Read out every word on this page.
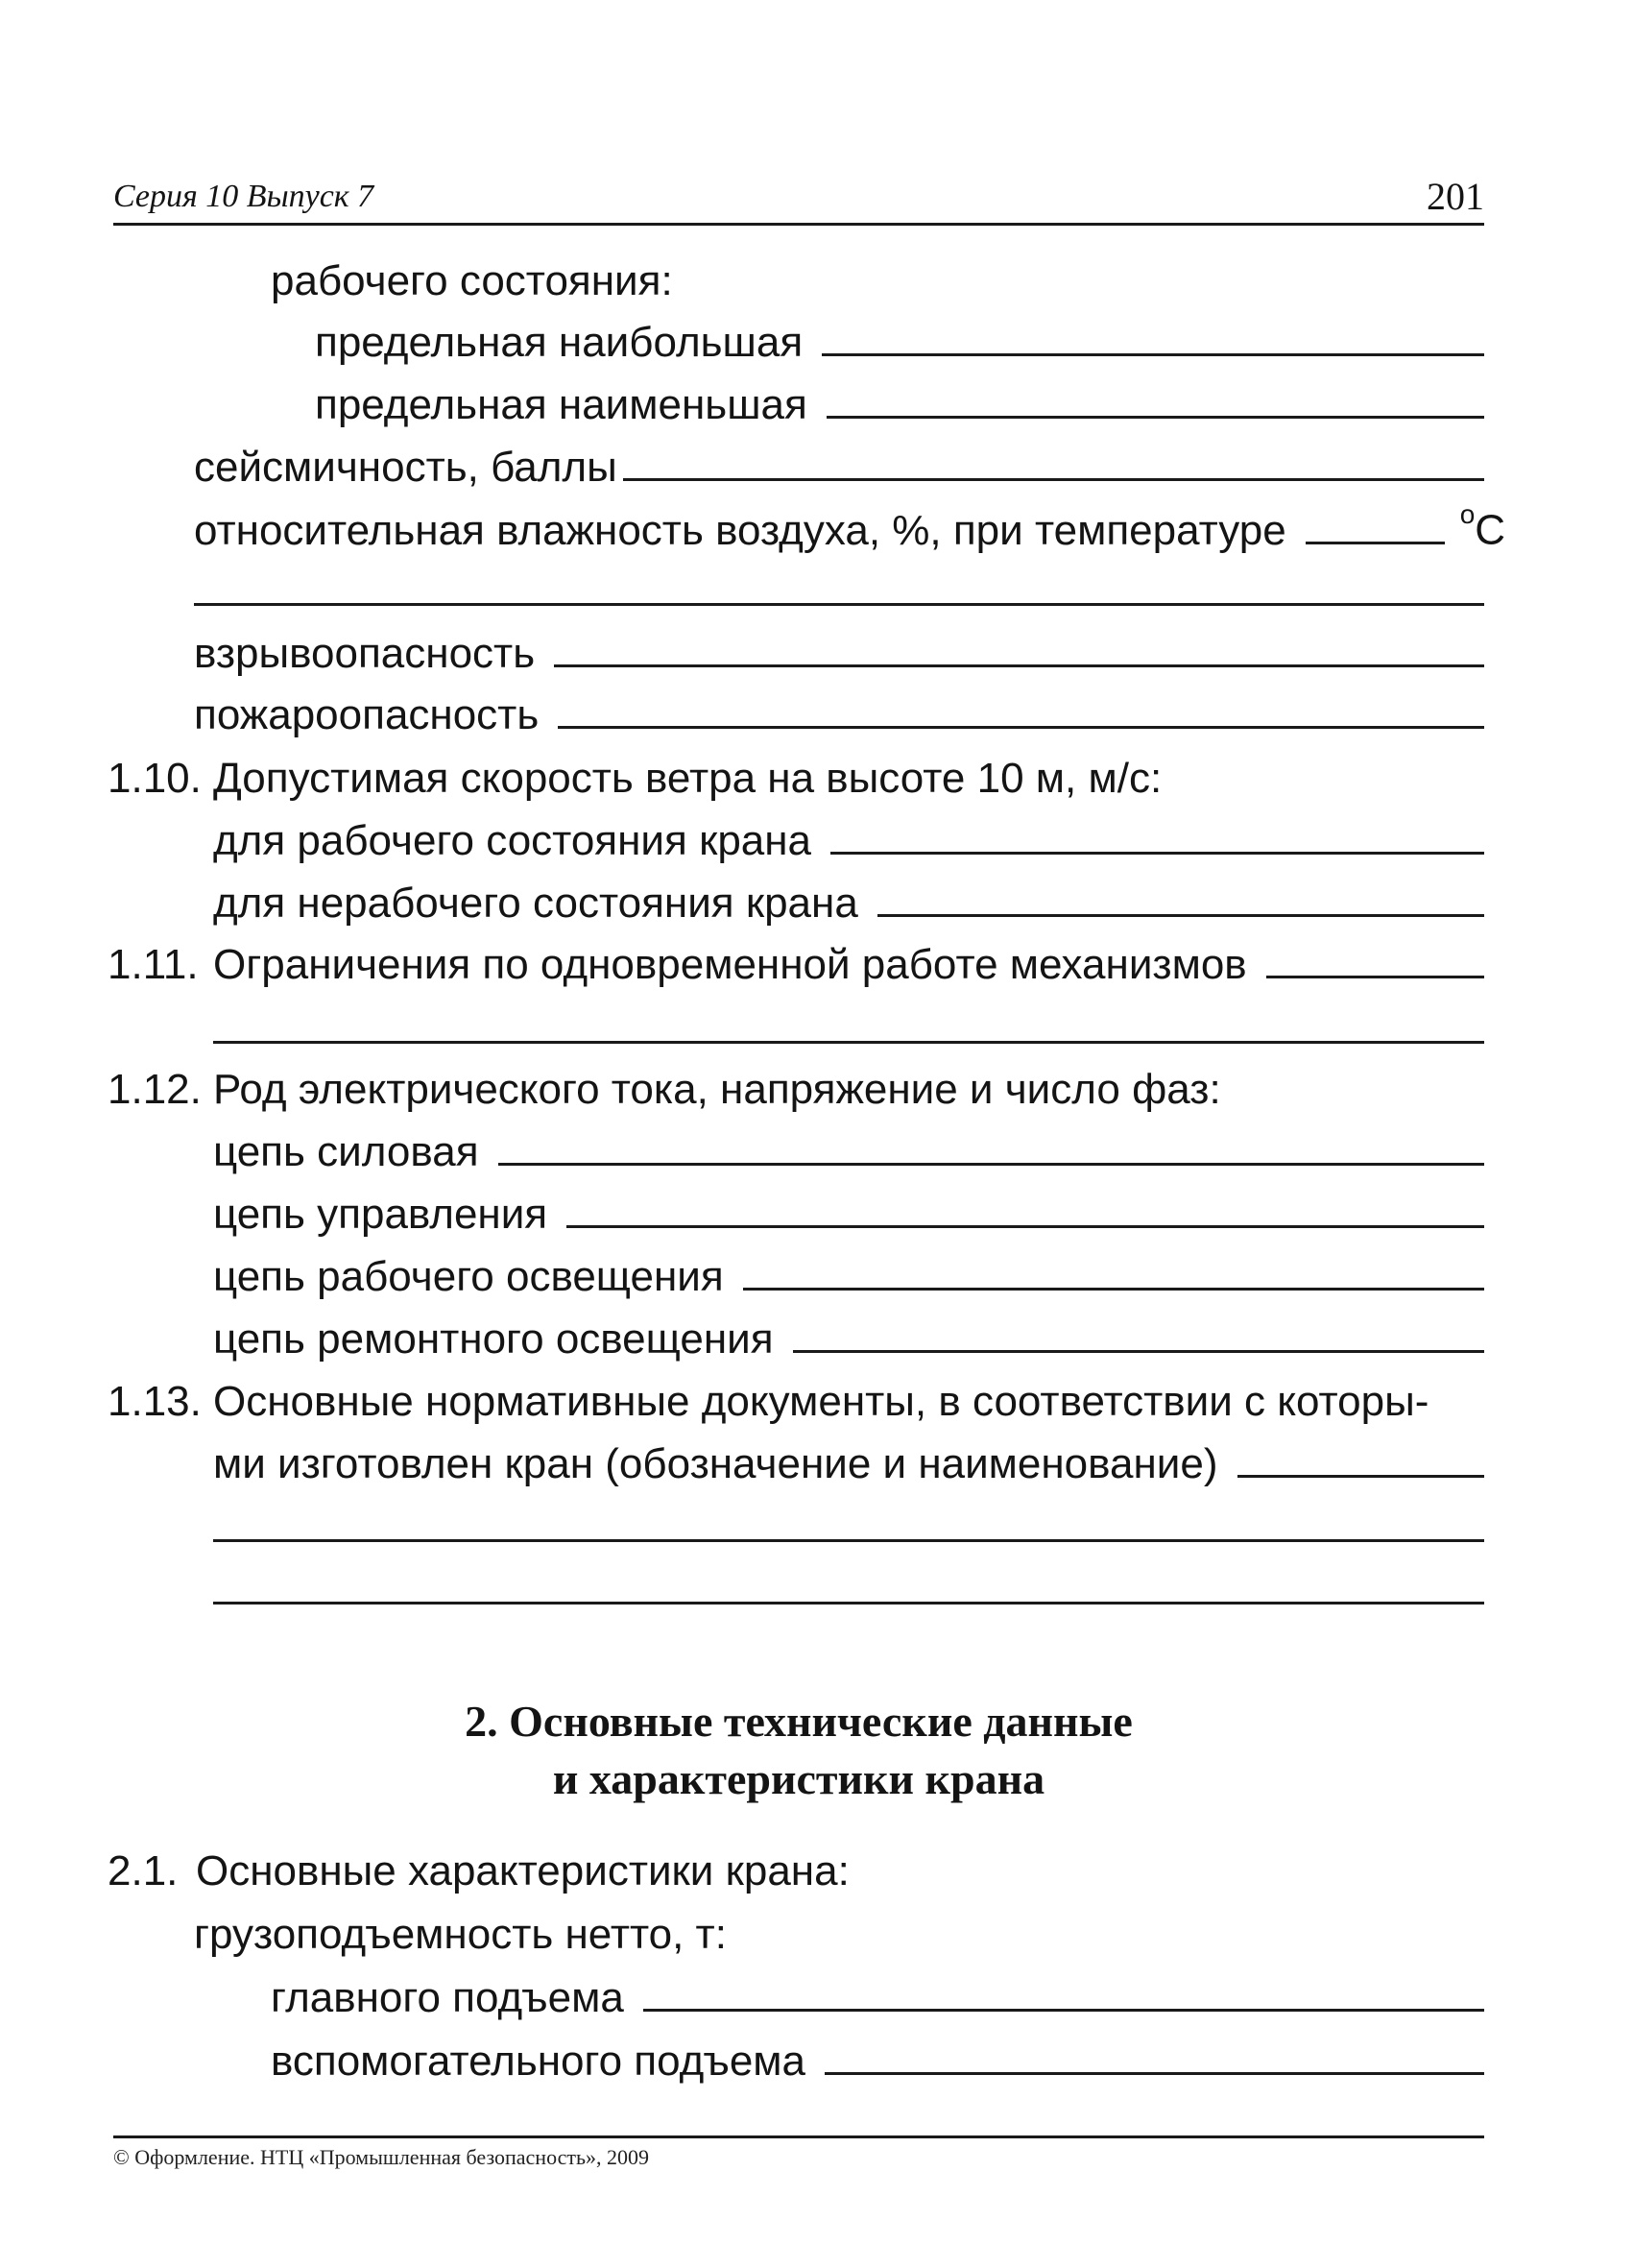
Серия 10 Выпуск 7	201
рабочего состояния:
предельная наибольшая
предельная наименьшая
сейсмичность, баллы
относительная влажность воздуха, %, при температуре	$^о$С
взрывоопасность
пожароопасность
1.10. Допустимая скорость ветра на высоте 10 м, м/с:
для рабочего состояния крана
для нерабочего состояния крана
1.11. Ограничения по одновременной работе механизмов
1.12. Род электрического тока, напряжение и число фаз:
цепь силовая
цепь управления
цепь рабочего освещения
цепь ремонтного освещения
1.13. Основные нормативные документы, в соответствии с которы-
ми изготовлен кран (обозначение и наименование)
2. Основные технические данные
и характеристики крана
2.1. Основные характеристики крана:
грузоподъемность нетто, т:
главного подъема
вспомогательного подъема
© Оформление. НТЦ «Промышленная безопасность», 2009
